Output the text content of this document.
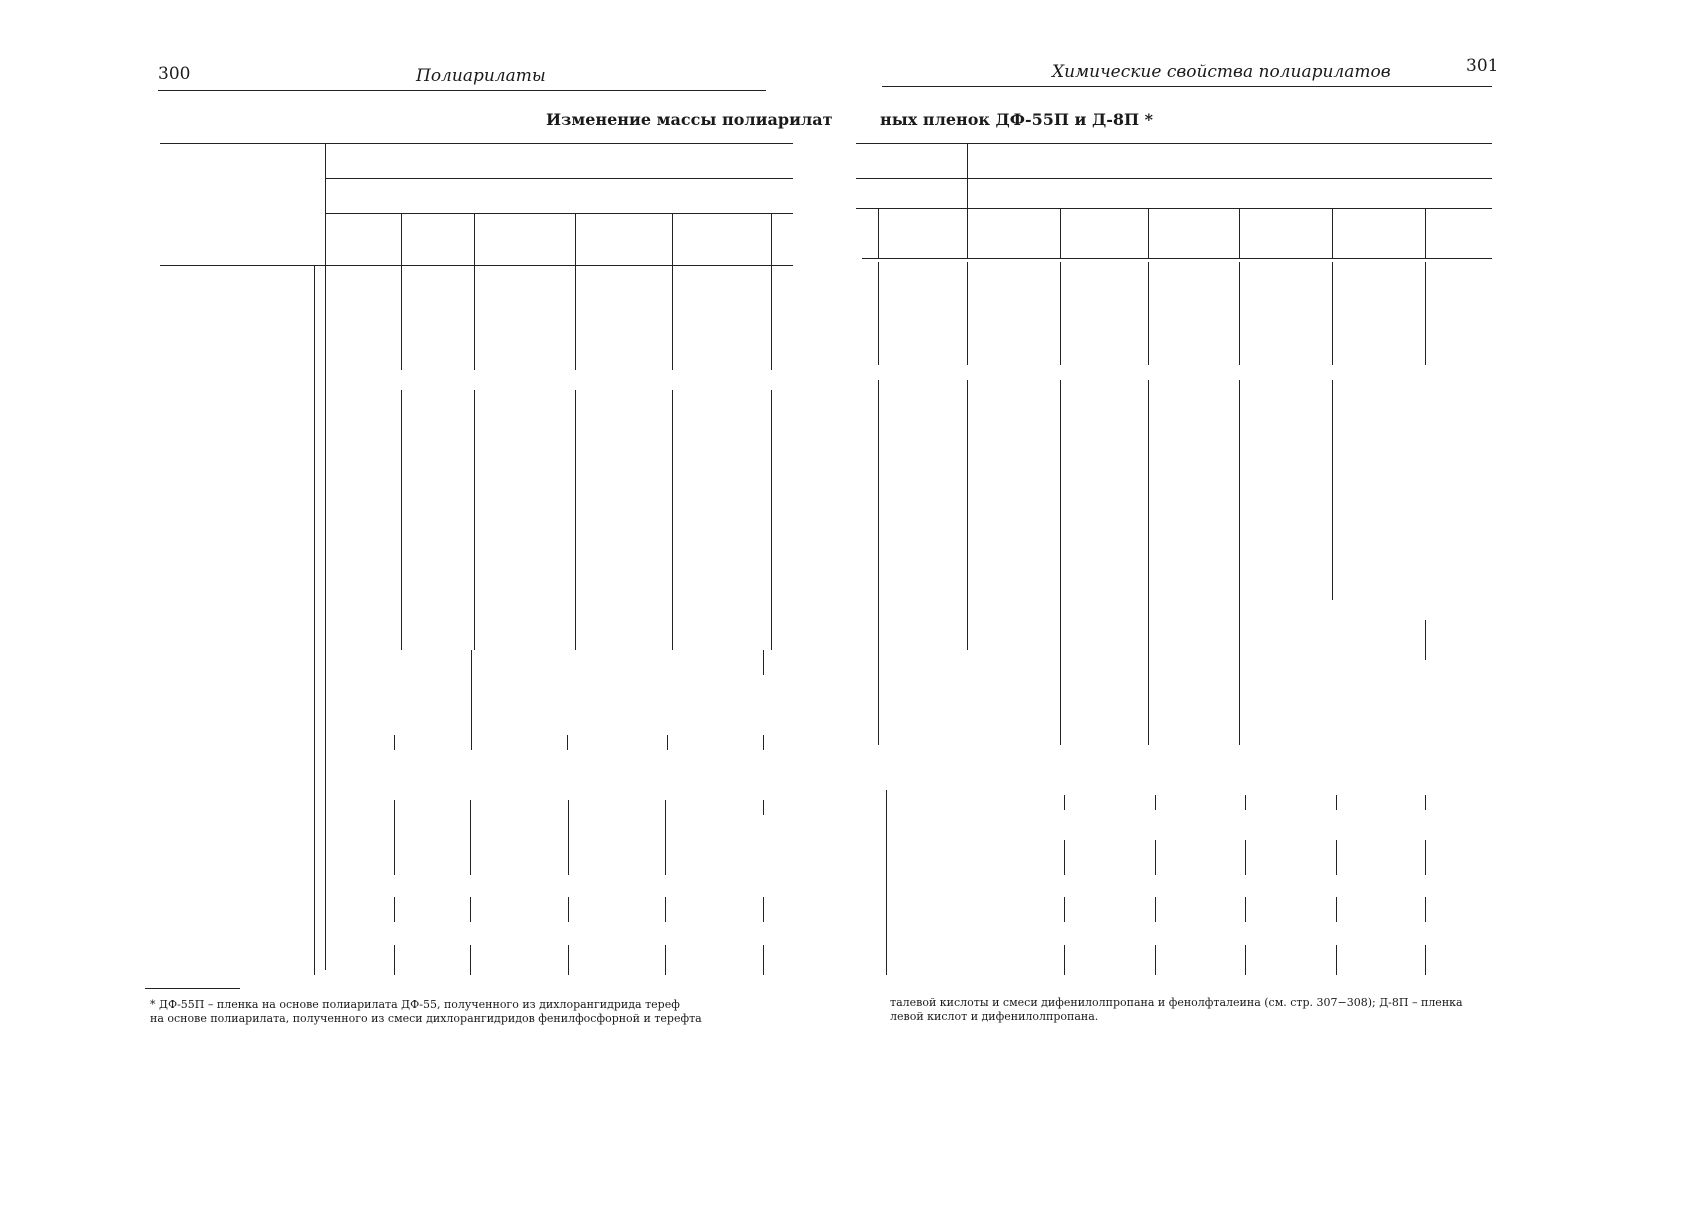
300	Полиарилаты
Изменение массы полиарилат
* ДФ-55П – пленка на основе полиарилата ДФ-55, полученного из дихлорангидрида тереф
на основе полиарилата, полученного из смеси дихлорангидридов фенилфосфорной и терефта
301
Химические свойства полиарилатов
ных пленок ДФ-55П и Д-8П *
талевой кислоты и смеси дифенилолпропана и фенолфталеина (см. стр. 307−308); Д-8П – пленка
левой кислот и дифенилолпропана.
